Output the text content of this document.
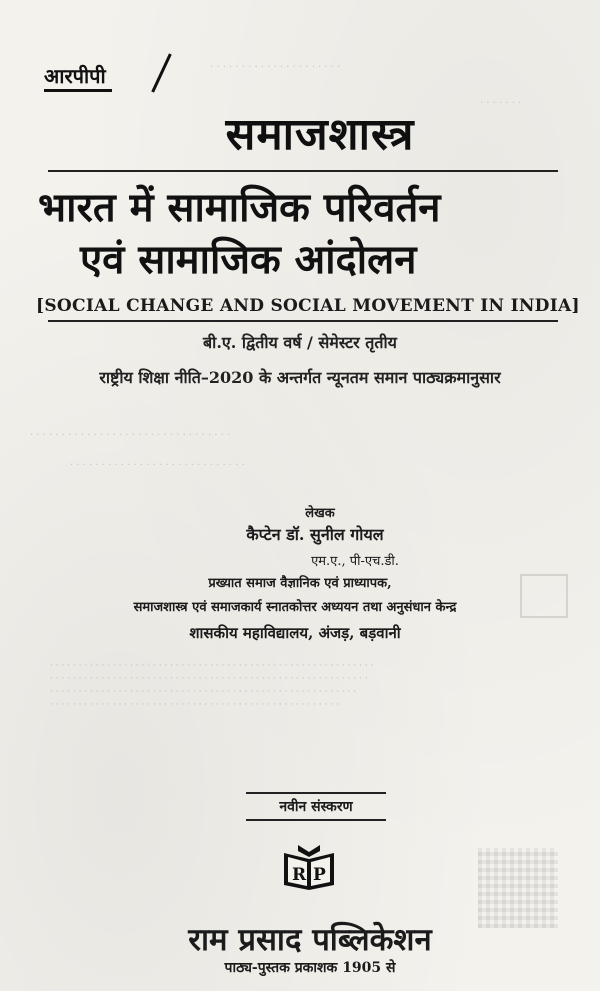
· · · · · · · · · · · · · · · · · · · · ·
· · · · · · ·
· · · · · · · · · · · · · · · · · · · · · · · · · · · · · · · ·
· · · · · · · · · · · · · · · · · · · · · · · · · · · ·
आरपीपी
समाजशास्त्र
भारत में सामाजिक परिवर्तन
एवं सामाजिक आंदोलन
[SOCIAL CHANGE AND SOCIAL MOVEMENT IN INDIA]
बी.ए. द्वितीय वर्ष / सेमेस्टर तृतीय
राष्ट्रीय शिक्षा नीति–2020 के अन्तर्गत न्यूनतम समान पाठ्यक्रमानुसार
लेखक
कैप्टेन डॉ. सुनील गोयल
एम.ए., पी-एच.डी.
प्रख्यात समाज वैज्ञानिक एवं प्राध्यापक,
समाजशास्त्र एवं समाजकार्य स्नातकोत्तर अध्ययन तथा अनुसंधान केन्द्र
शासकीय महाविद्यालय, अंजड़, बड़वानी
· · · · · · · · · · · · · · · · · · · · · · · · · · · · · · · · · · · · · · · · · · · · · · · · · · · · · · · · ·
· · · · · · · · · · · · · · · · · · · · · · · · · · · · · · · · · · · · · · · · · · · · · · · · · · · · · · · ·
· · · · · · · · · · · · · · · · · · · · · · · · · · · · · · · · · · · · · · · · · · · · · · · · · · · · · ·
· · · · · · · · · · · · · · · · · · · · · · · · · · · · · · · · · · · · · · · · · · · · · · · · · · ·
नवीन संस्करण
R P
राम प्रसाद पब्लिकेशन
पाठ्य-पुस्तक प्रकाशक 1905 से
